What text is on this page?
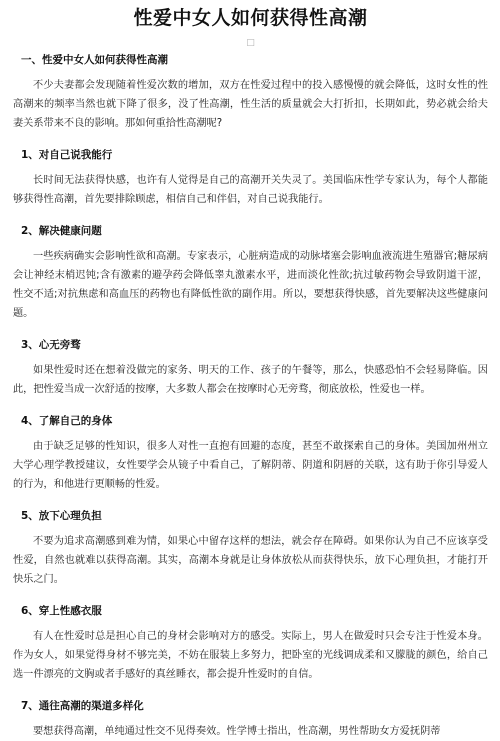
性爱中女人如何获得性高潮
□
一、性爱中女人如何获得性高潮
不少夫妻都会发现随着性爱次数的增加，双方在性爱过程中的投入感慢慢的就会降低，这时女性的性高潮来的频率当然也就下降了很多，没了性高潮，性生活的质量就会大打折扣，长期如此，势必就会给夫妻关系带来不良的影响。那如何重拾性高潮呢?
1、对自己说我能行
长时间无法获得快感，也许有人觉得是自己的高潮开关失灵了。美国临床性学专家认为，每个人都能够获得性高潮，首先要排除顾虑，相信自己和伴侣，对自己说我能行。
2、解决健康问题
一些疾病确实会影响性欲和高潮。专家表示，心脏病造成的动脉堵塞会影响血液流进生殖器官;糖尿病会让神经末梢迟钝;含有激素的避孕药会降低睾丸激素水平，进而淡化性欲;抗过敏药物会导致阴道干涩，性交不适;对抗焦虑和高血压的药物也有降低性欲的副作用。所以，要想获得快感，首先要解决这些健康问题。
3、心无旁骛
如果性爱时还在想着没做完的家务、明天的工作、孩子的午餐等，那么，快感恐怕不会轻易降临。因此，把性爱当成一次舒适的按摩，大多数人都会在按摩时心无旁骛，彻底放松，性爱也一样。
4、了解自己的身体
由于缺乏足够的性知识，很多人对性一直抱有回避的态度，甚至不敢探索自己的身体。美国加州州立大学心理学教授建议，女性要学会从镜子中看自己，了解阴蒂、阴道和阴唇的关联，这有助于你引导爱人的行为，和他进行更顺畅的性爱。
5、放下心理负担
不要为追求高潮感到难为情，如果心中留存这样的想法，就会存在障碍。如果你认为自己不应该享受性爱，自然也就难以获得高潮。其实，高潮本身就是让身体放松从而获得快乐，放下心理负担，才能打开快乐之门。
6、穿上性感衣服
有人在性爱时总是担心自己的身材会影响对方的感受。实际上，男人在做爱时只会专注于性爱本身。作为女人，如果觉得身材不够完美，不妨在服装上多努力，把卧室的光线调成柔和又朦胧的颜色，给自己选一件漂亮的文胸或者手感好的真丝睡衣，都会提升性爱时的自信。
7、通往高潮的渠道多样化
要想获得高潮，单纯通过性交不见得奏效。性学博士指出，性高潮，男性帮助女方爱抚阴蒂
